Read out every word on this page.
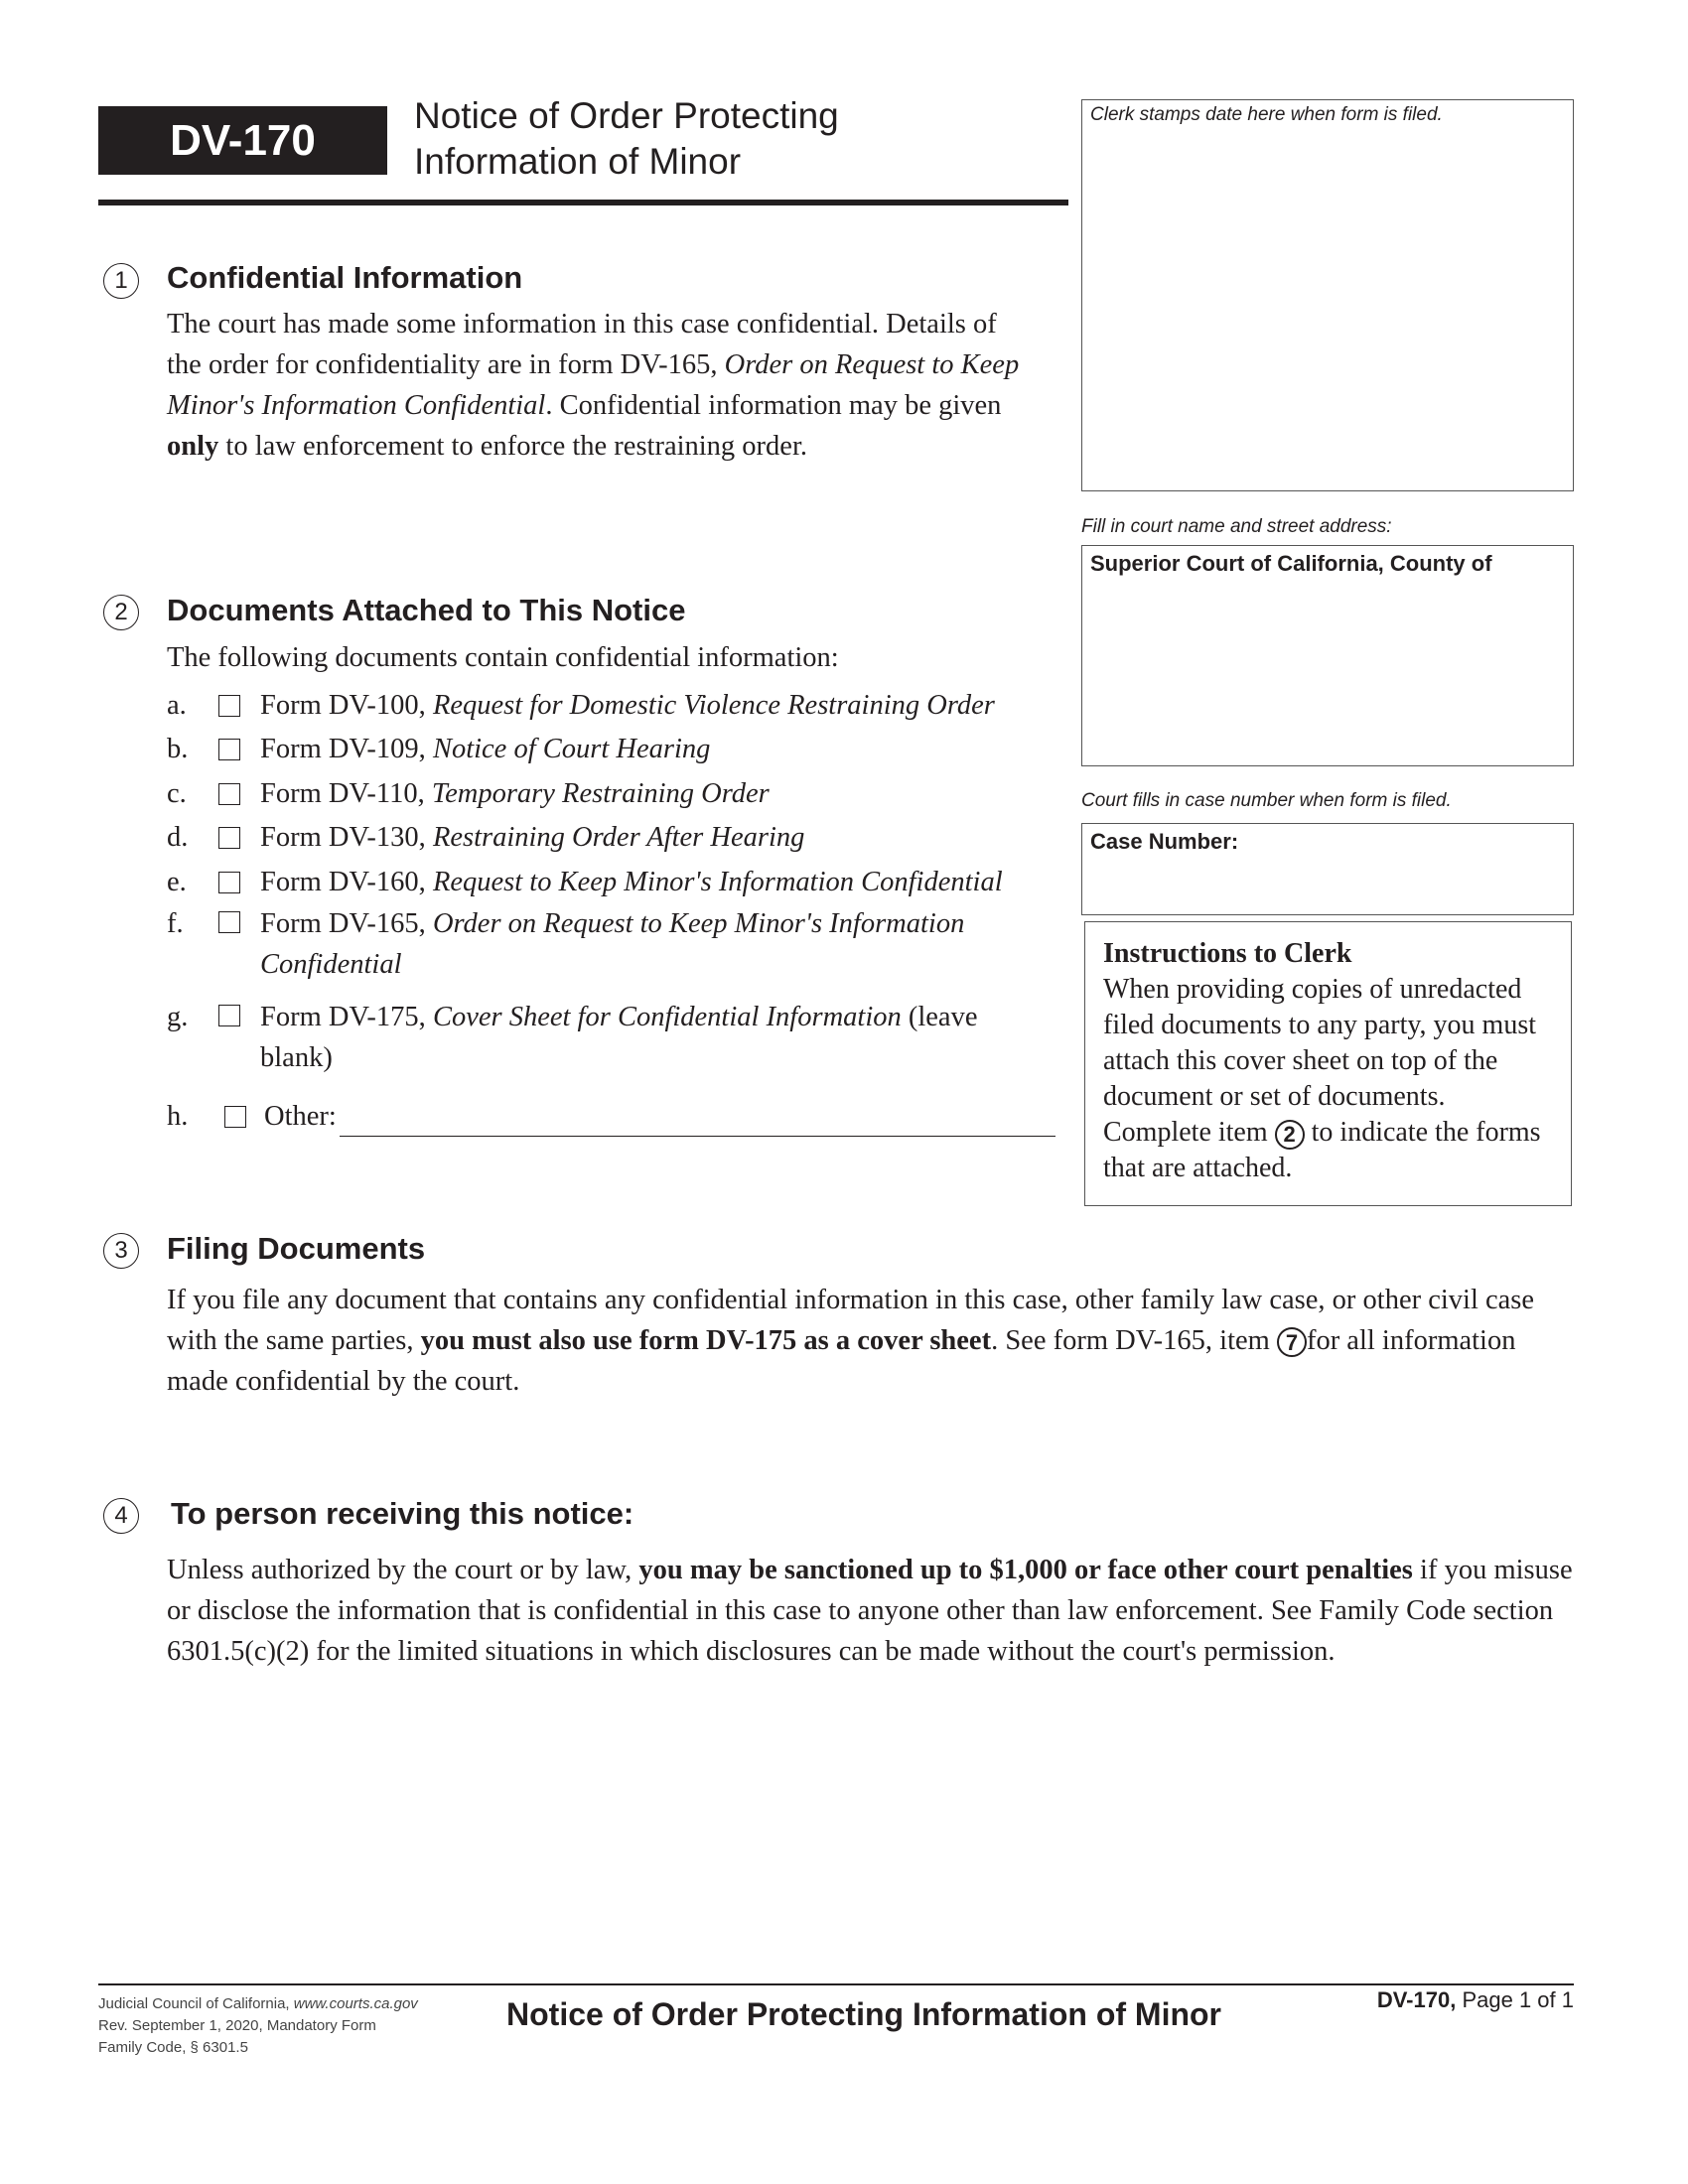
DV-170	Notice of Order Protecting
Information of Minor
Clerk stamps date here when form is filed.
Fill in court name and street address:
Superior Court of California, County of
Court fills in case number when form is filed.
Case Number:
Instructions to Clerk
When providing copies of unredacted filed documents to any party, you must attach this cover sheet on top of the document or set of documents. Complete item 2 to indicate the forms that are attached.
1	Confidential Information
The court has made some information in this case confidential. Details of the order for confidentiality are in form DV-165, Order on Request to Keep Minor's Information Confidential. Confidential information may be given only to law enforcement to enforce the restraining order.
2	Documents Attached to This Notice
The following documents contain confidential information:
a.	Form DV-100, Request for Domestic Violence Restraining Order
b.	Form DV-109, Notice of Court Hearing
c.	Form DV-110, Temporary Restraining Order
d.	Form DV-130, Restraining Order After Hearing
e.	Form DV-160, Request to Keep Minor's Information Confidential
f.	Form DV-165, Order on Request to Keep Minor's Information Confidential
g.	Form DV-175, Cover Sheet for Confidential Information (leave blank)
h.	Other:
3	Filing Documents
If you file any document that contains any confidential information in this case, other family law case, or other civil case with the same parties, you must also use form DV-175 as a cover sheet. See form DV-165, item 7 for all information made confidential by the court.
4	To person receiving this notice:
Unless authorized by the court or by law, you may be sanctioned up to $1,000 or face other court penalties if you misuse or disclose the information that is confidential in this case to anyone other than law enforcement. See Family Code section 6301.5(c)(2) for the limited situations in which disclosures can be made without the court's permission.
Judicial Council of California, www.courts.ca.gov
Rev. September 1, 2020, Mandatory Form
Family Code, § 6301.5
Notice of Order Protecting Information of Minor	DV-170, Page 1 of 1
